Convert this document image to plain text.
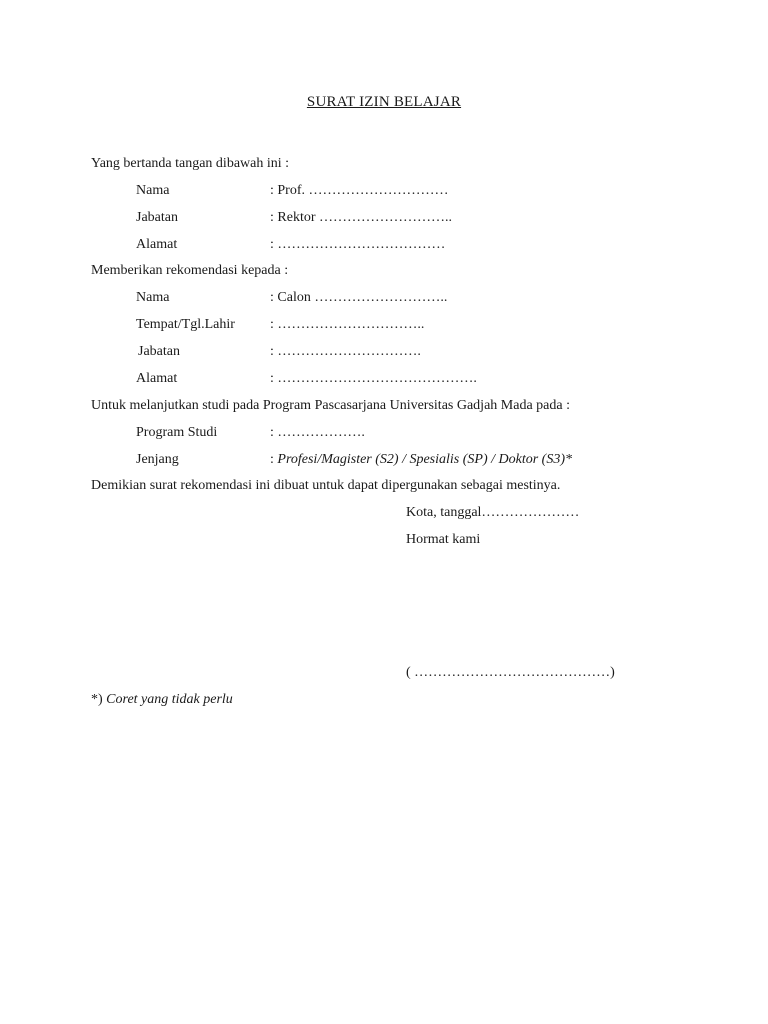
SURAT IZIN BELAJAR
Yang bertanda tangan dibawah ini :
Nama	: Prof. …………………………
Jabatan	: Rektor ………………………..
Alamat	: ………………………………
Memberikan rekomendasi kepada :
Nama	: Calon ………………………..
Tempat/Tgl.Lahir	: …………………………..
Jabatan	: ………………………….
Alamat	: …………………………………….
Untuk melanjutkan studi pada Program Pascasarjana Universitas Gadjah Mada pada :
Program Studi	: ……………….
Jenjang	: Profesi/Magister (S2) / Spesialis (SP) / Doktor (S3)*
Demikian surat rekomendasi ini dibuat untuk dapat dipergunakan sebagai mestinya.
Kota, tanggal…………………
Hormat kami
( ……………………………………)
*) Coret yang tidak perlu
